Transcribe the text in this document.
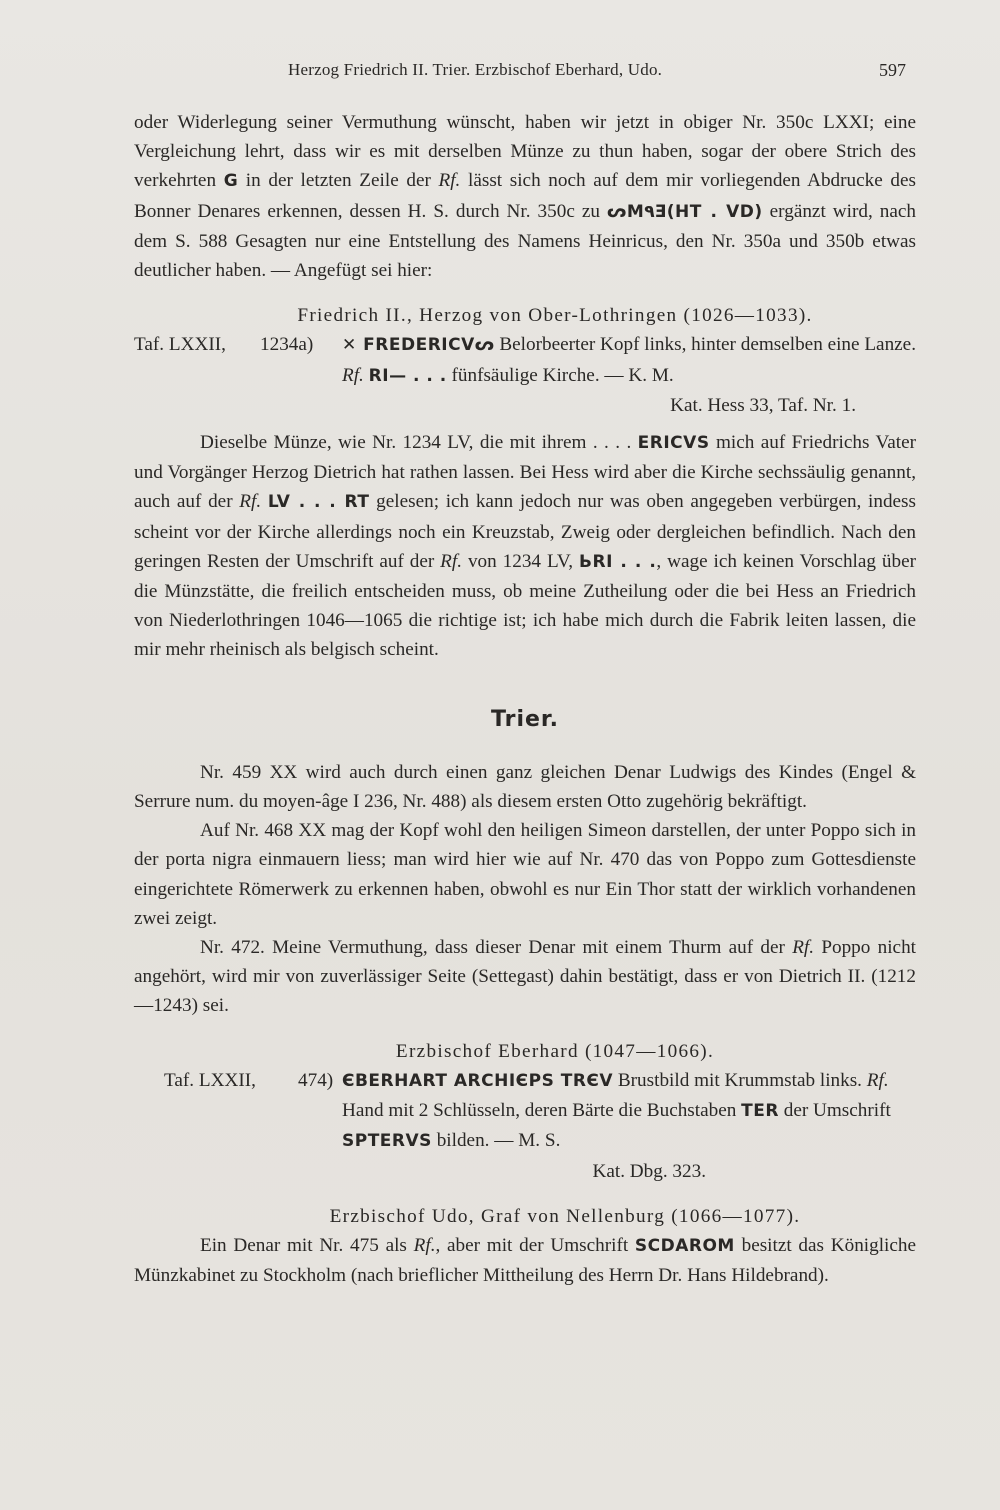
Herzog Friedrich II. Trier. Erzbischof Eberhard, Udo.	597

oder Widerlegung seiner Vermuthung wünscht, haben wir jetzt in obiger Nr. 350c LXXI; eine Vergleichung lehrt, dass wir es mit derselben Münze zu thun haben, sogar der obere Strich des verkehrten G in der letzten Zeile der Rf. lässt sich noch auf dem mir vorliegenden Abdrucke des Bonner Denares erkennen, dessen H. S. durch Nr. 350c zu ᔕM٩Ǝ(HT . VD) ergänzt wird, nach dem S. 588 Gesagten nur eine Entstellung des Namens Heinricus, den Nr. 350a und 350b etwas deutlicher haben. — Angefügt sei hier:

Friedrich II., Herzog von Ober-Lothringen (1026—1033).

Taf. LXXII, 1234a) ✕ FREDERICVᔕ Belorbeerter Kopf links, hinter demselben eine Lanze. Rf. RI— . . . fünfsäulige Kirche. — K. M.

Kat. Hess 33, Taf. Nr. 1.

Dieselbe Münze, wie Nr. 1234 LV, die mit ihrem . . . . ERICVS mich auf Friedrichs Vater und Vorgänger Herzog Dietrich hat rathen lassen. Bei Hess wird aber die Kirche sechssäulig genannt, auch auf der Rf. LV . . . RT gelesen; ich kann jedoch nur was oben angegeben verbürgen, indess scheint vor der Kirche allerdings noch ein Kreuzstab, Zweig oder dergleichen befindlich. Nach den geringen Resten der Umschrift auf der Rf. von 1234 LV, ЬRI . . ., wage ich keinen Vorschlag über die Münzstätte, die freilich entscheiden muss, ob meine Zutheilung oder die bei Hess an Friedrich von Niederlothringen 1046—1065 die richtige ist; ich habe mich durch die Fabrik leiten lassen, die mir mehr rheinisch als belgisch scheint.

Trier.

Nr. 459 XX wird auch durch einen ganz gleichen Denar Ludwigs des Kindes (Engel & Serrure num. du moyen-âge I 236, Nr. 488) als diesem ersten Otto zugehörig bekräftigt.

Auf Nr. 468 XX mag der Kopf wohl den heiligen Simeon darstellen, der unter Poppo sich in der porta nigra einmauern liess; man wird hier wie auf Nr. 470 das von Poppo zum Gottesdienste eingerichtete Römerwerk zu erkennen haben, obwohl es nur Ein Thor statt der wirklich vorhandenen zwei zeigt.

Nr. 472. Meine Vermuthung, dass dieser Denar mit einem Thurm auf der Rf. Poppo nicht angehört, wird mir von zuverlässiger Seite (Settegast) dahin bestätigt, dass er von Dietrich II. (1212—1243) sei.

Erzbischof Eberhard (1047—1066).

Taf. LXXII, 474) ЄBERHART ARCHIЄPS TRЄV Brustbild mit Krummstab links. Rf. Hand mit 2 Schlüsseln, deren Bärte die Buchstaben ΤER der Umschrift SPΤERVS bilden. — M. S.

Kat. Dbg. 323.

Erzbischof Udo, Graf von Nellenburg (1066—1077).

Ein Denar mit Nr. 475 als Rf., aber mit der Umschrift SCDAROM besitzt das Königliche Münzkabinet zu Stockholm (nach brieflicher Mittheilung des Herrn Dr. Hans Hildebrand).
